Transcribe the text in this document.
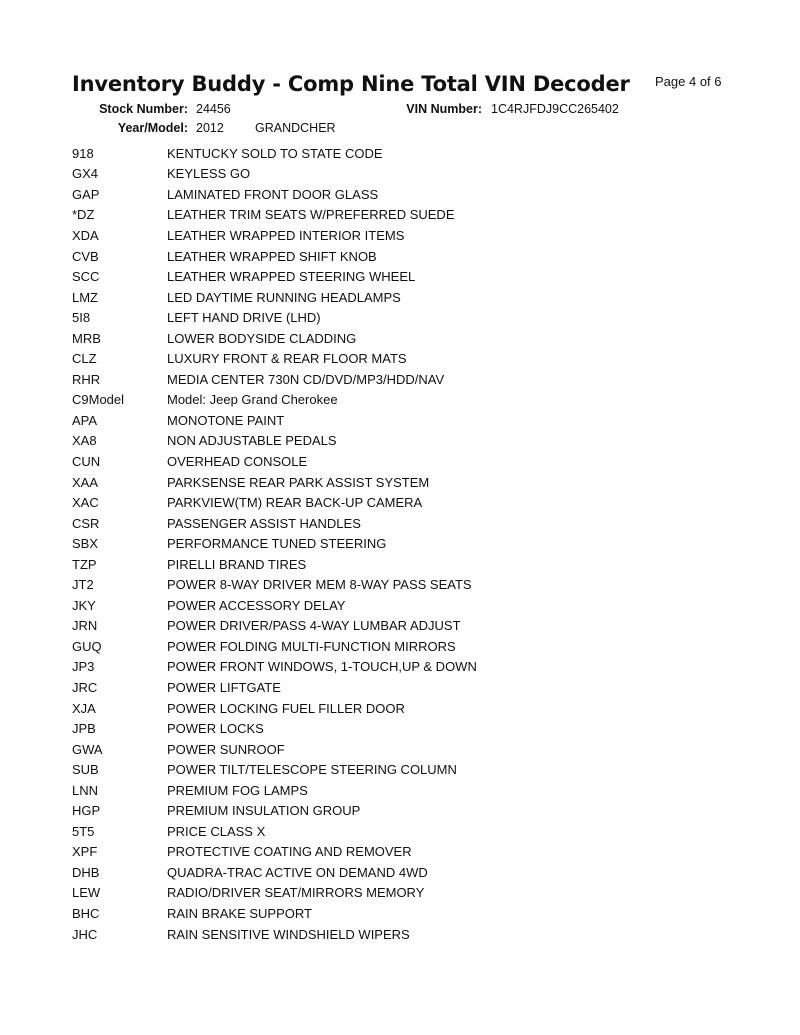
Inventory Buddy - Comp Nine Total VIN Decoder Page 4 of 6
Stock Number: 24456	VIN Number: 1C4RJFDJ9CC265402
Year/Model: 2012 GRANDCHER
918	KENTUCKY SOLD TO STATE CODE
GX4	KEYLESS GO
GAP	LAMINATED FRONT DOOR GLASS
*DZ	LEATHER TRIM SEATS W/PREFERRED SUEDE
XDA	LEATHER WRAPPED INTERIOR ITEMS
CVB	LEATHER WRAPPED SHIFT KNOB
SCC	LEATHER WRAPPED STEERING WHEEL
LMZ	LED DAYTIME RUNNING HEADLAMPS
5I8	LEFT HAND DRIVE (LHD)
MRB	LOWER BODYSIDE CLADDING
CLZ	LUXURY FRONT & REAR FLOOR MATS
RHR	MEDIA CENTER 730N CD/DVD/MP3/HDD/NAV
C9Model	Model: Jeep Grand Cherokee
APA	MONOTONE PAINT
XA8	NON ADJUSTABLE PEDALS
CUN	OVERHEAD CONSOLE
XAA	PARKSENSE REAR PARK ASSIST SYSTEM
XAC	PARKVIEW(TM) REAR BACK-UP CAMERA
CSR	PASSENGER ASSIST HANDLES
SBX	PERFORMANCE TUNED STEERING
TZP	PIRELLI BRAND TIRES
JT2	POWER 8-WAY DRIVER MEM 8-WAY PASS SEATS
JKY	POWER ACCESSORY DELAY
JRN	POWER DRIVER/PASS 4-WAY LUMBAR ADJUST
GUQ	POWER FOLDING MULTI-FUNCTION MIRRORS
JP3	POWER FRONT WINDOWS, 1-TOUCH,UP & DOWN
JRC	POWER LIFTGATE
XJA	POWER LOCKING FUEL FILLER DOOR
JPB	POWER LOCKS
GWA	POWER SUNROOF
SUB	POWER TILT/TELESCOPE STEERING COLUMN
LNN	PREMIUM FOG LAMPS
HGP	PREMIUM INSULATION GROUP
5T5	PRICE CLASS X
XPF	PROTECTIVE COATING AND REMOVER
DHB	QUADRA-TRAC ACTIVE ON DEMAND 4WD
LEW	RADIO/DRIVER SEAT/MIRRORS MEMORY
BHC	RAIN BRAKE SUPPORT
JHC	RAIN SENSITIVE WINDSHIELD WIPERS
